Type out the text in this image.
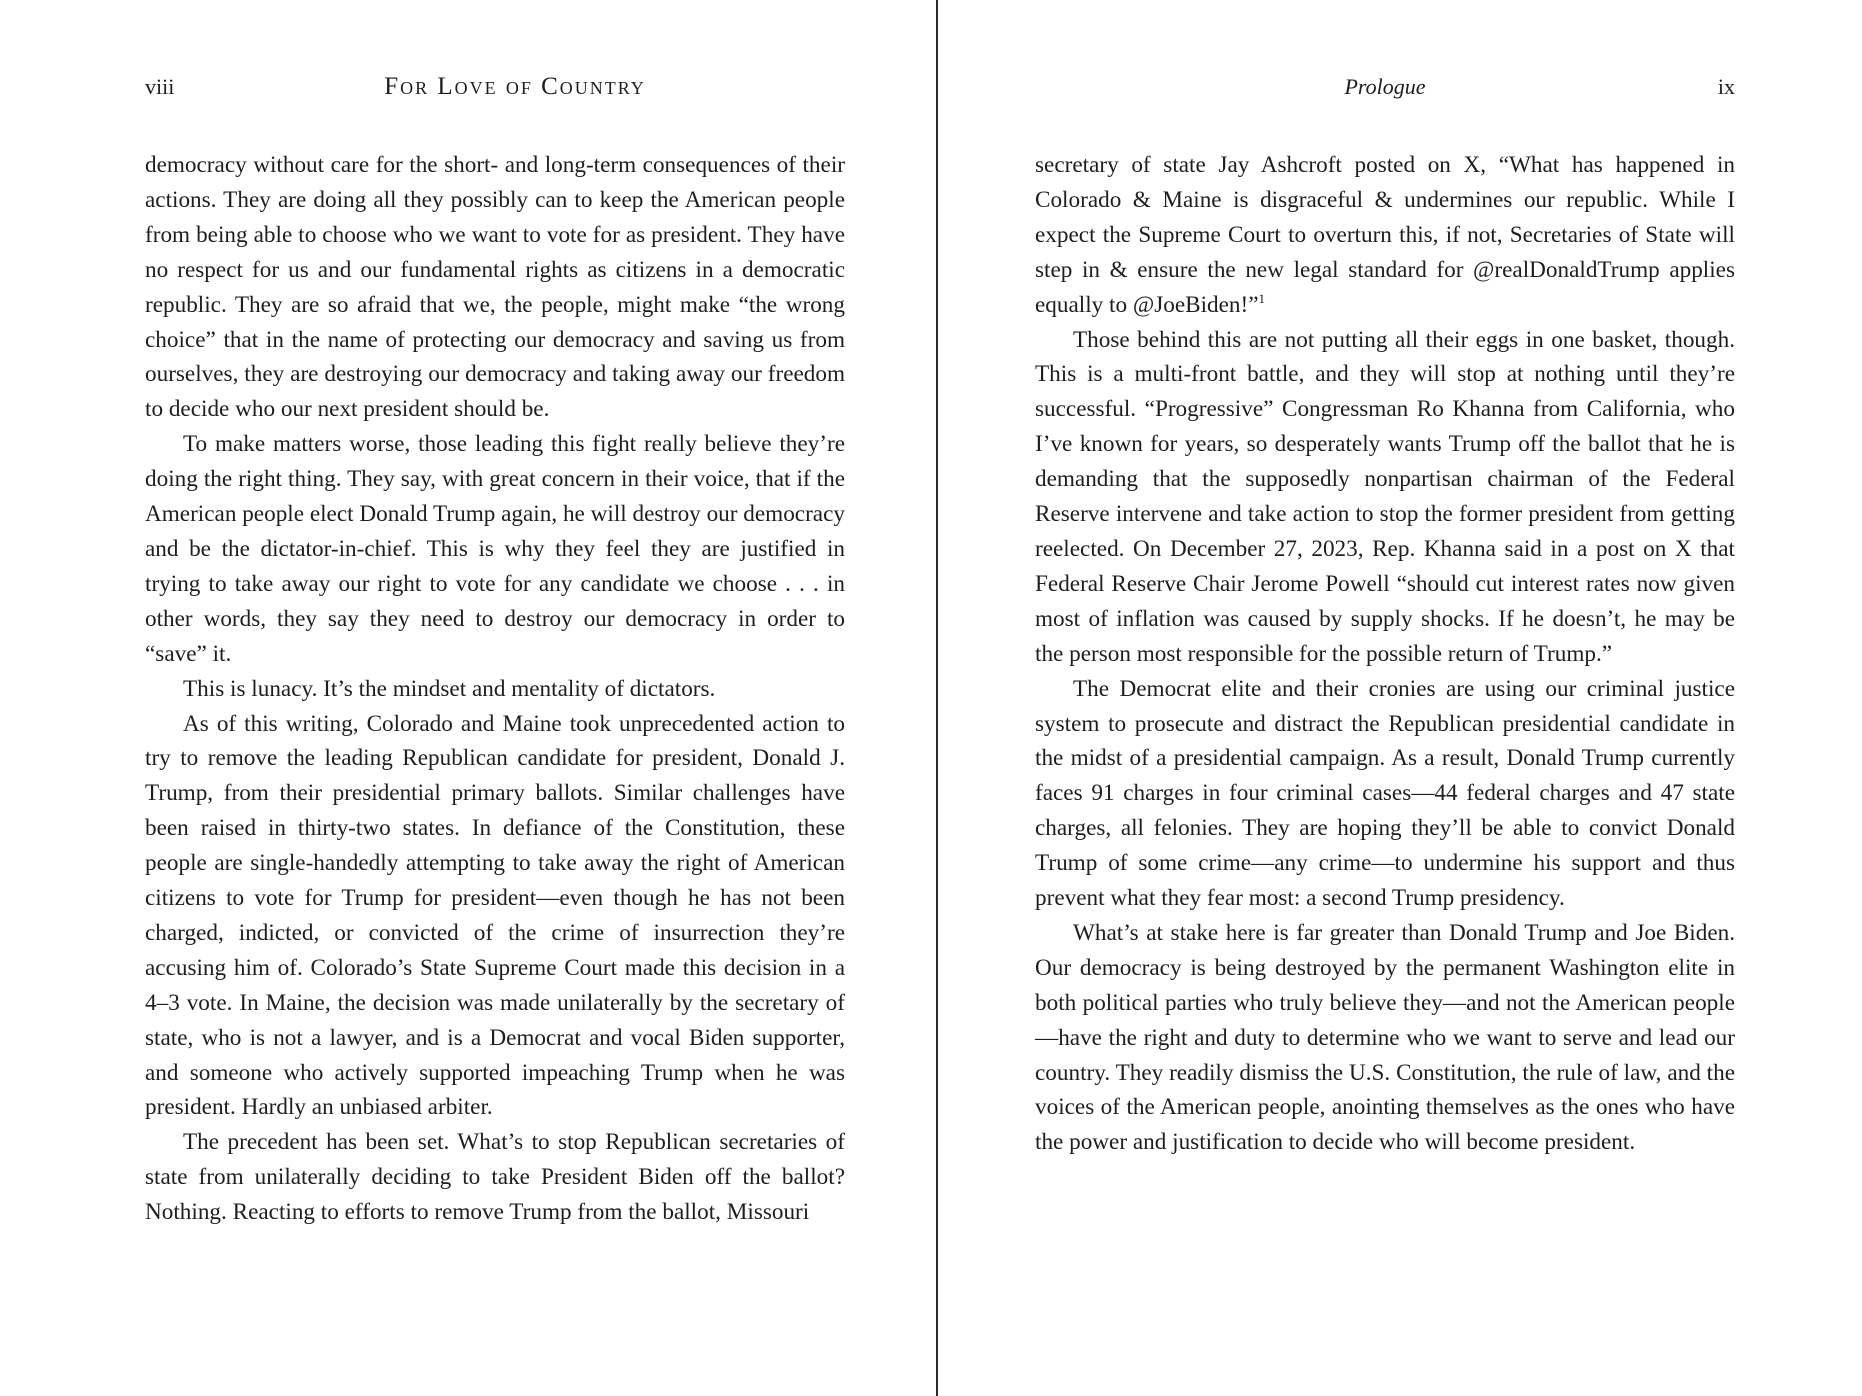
viii	For Love of Country

democracy without care for the short- and long-term consequences of their actions. They are doing all they possibly can to keep the American people from being able to choose who we want to vote for as president. They have no respect for us and our fundamental rights as citizens in a democratic republic. They are so afraid that we, the people, might make “the wrong choice” that in the name of protecting our democracy and saving us from ourselves, they are destroying our democracy and taking away our freedom to decide who our next president should be.

To make matters worse, those leading this fight really believe they’re doing the right thing. They say, with great concern in their voice, that if the American people elect Donald Trump again, he will destroy our democracy and be the dictator-in-chief. This is why they feel they are justified in trying to take away our right to vote for any candidate we choose . . . in other words, they say they need to destroy our democracy in order to “save” it.

This is lunacy. It’s the mindset and mentality of dictators.

As of this writing, Colorado and Maine took unprecedented action to try to remove the leading Republican candidate for president, Donald J. Trump, from their presidential primary ballots. Similar challenges have been raised in thirty-two states. In defiance of the Constitution, these people are single-handedly attempting to take away the right of American citizens to vote for Trump for president—even though he has not been charged, indicted, or convicted of the crime of insurrection they’re accusing him of. Colorado’s State Supreme Court made this decision in a 4–3 vote. In Maine, the decision was made unilaterally by the secretary of state, who is not a lawyer, and is a Democrat and vocal Biden supporter, and someone who actively supported impeaching Trump when he was president. Hardly an unbiased arbiter.

The precedent has been set. What’s to stop Republican secretaries of state from unilaterally deciding to take President Biden off the ballot? Nothing. Reacting to efforts to remove Trump from the ballot, Missouri

Prologue	ix

secretary of state Jay Ashcroft posted on X, “What has happened in Colorado & Maine is disgraceful & undermines our republic. While I expect the Supreme Court to overturn this, if not, Secretaries of State will step in & ensure the new legal standard for @realDonaldTrump applies equally to @JoeBiden!”$^1$

Those behind this are not putting all their eggs in one basket, though. This is a multi-front battle, and they will stop at nothing until they’re successful. “Progressive” Congressman Ro Khanna from California, who I’ve known for years, so desperately wants Trump off the ballot that he is demanding that the supposedly nonpartisan chairman of the Federal Reserve intervene and take action to stop the former president from getting reelected. On December 27, 2023, Rep. Khanna said in a post on X that Federal Reserve Chair Jerome Powell “should cut interest rates now given most of inflation was caused by supply shocks. If he doesn’t, he may be the person most responsible for the possible return of Trump.”

The Democrat elite and their cronies are using our criminal justice system to prosecute and distract the Republican presidential candidate in the midst of a presidential campaign. As a result, Donald Trump currently faces 91 charges in four criminal cases—44 federal charges and 47 state charges, all felonies. They are hoping they’ll be able to convict Donald Trump of some crime—any crime—to undermine his support and thus prevent what they fear most: a second Trump presidency.

What’s at stake here is far greater than Donald Trump and Joe Biden. Our democracy is being destroyed by the permanent Washington elite in both political parties who truly believe they—and not the American people—have the right and duty to determine who we want to serve and lead our country. They readily dismiss the U.S. Constitution, the rule of law, and the voices of the American people, anointing themselves as the ones who have the power and justification to decide who will become president.
